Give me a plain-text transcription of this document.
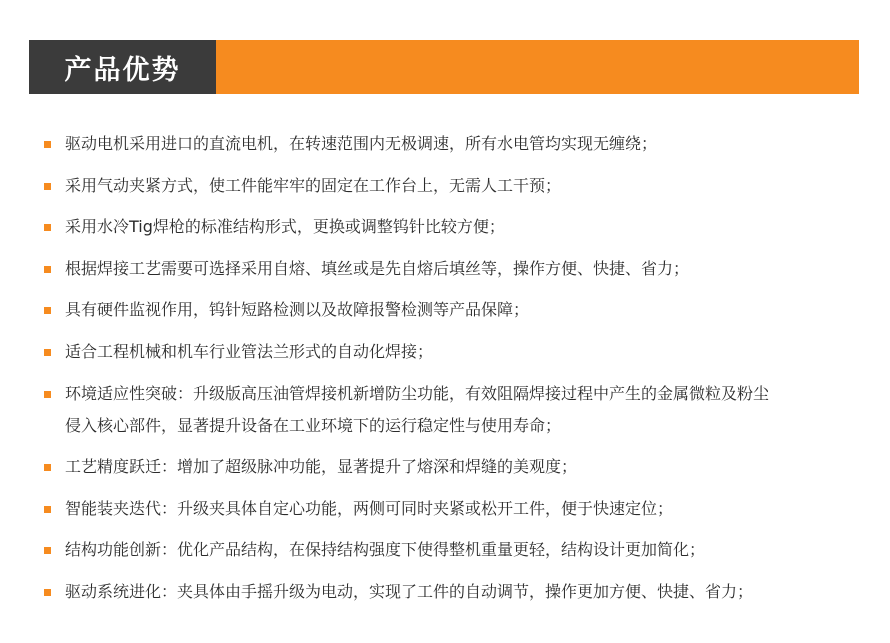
产品优势
驱动电机采用进口的直流电机，在转速范围内无极调速，所有水电管均实现无缠绕；
采用气动夹紧方式，使工件能牢牢的固定在工作台上，无需人工干预；
采用水冷Tig焊枪的标准结构形式，更换或调整钨针比较方便；
根据焊接工艺需要可选择采用自熔、填丝或是先自熔后填丝等，操作方便、快捷、省力；
具有硬件监视作用，钨针短路检测以及故障报警检测等产品保障；
适合工程机械和机车行业管法兰形式的自动化焊接；
环境适应性突破：升级版高压油管焊接机新增防尘功能，有效阻隔焊接过程中产生的金属微粒及粉尘
侵入核心部件，显著提升设备在工业环境下的运行稳定性与使用寿命；
工艺精度跃迁：增加了超级脉冲功能，显著提升了熔深和焊缝的美观度；
智能装夹迭代：升级夹具体自定心功能，两侧可同时夹紧或松开工件，便于快速定位；
结构功能创新：优化产品结构，在保持结构强度下使得整机重量更轻，结构设计更加简化；
驱动系统进化：夹具体由手摇升级为电动，实现了工件的自动调节，操作更加方便、快捷、省力；
